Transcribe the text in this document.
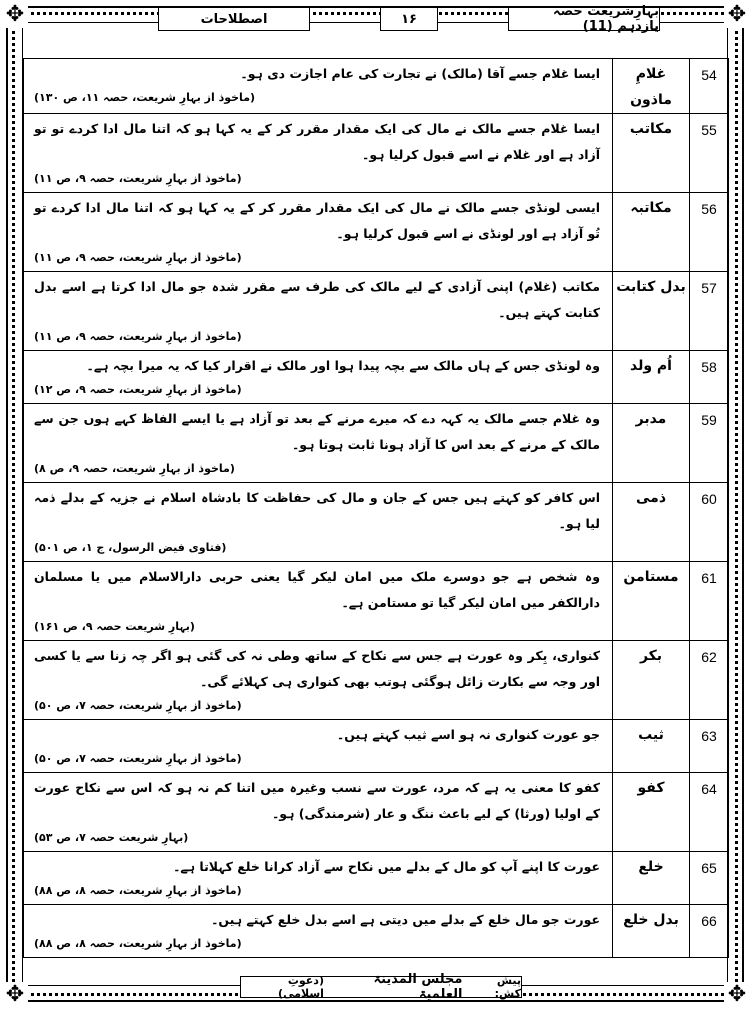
✥	✥
✥	✥
بہارِشریعت حصہ یازدہم (11)
۱۶
اصطلاحات
54	غلامِ ماذون	ایسا غلام جسے آقا (مالک) نے تجارت کی عام اجازت دی ہو۔

(ماخوذ از بہارِ شریعت، حصہ ۱۱، ص ۱۳۰)

55	مکاتب	ایسا غلام جسے مالک نے مال کی ایک مقدار مقرر کر کے یہ کہا ہو کہ اتنا مال ادا کردے تو تو آزاد ہے اور غلام نے اسے قبول کرلیا ہو۔

(ماخوذ از بہارِ شریعت، حصہ ۹، ص ۱۱)

56	مکاتبہ	ایسی لونڈی جسے مالک نے مال کی ایک مقدار مقرر کر کے یہ کہا ہو کہ اتنا مال ادا کردے تو تُو آزاد ہے اور لونڈی نے اسے قبول کرلیا ہو۔

(ماخوذ از بہارِ شریعت، حصہ ۹، ص ۱۱)

57	بدل کتابت	مکاتب (غلام) اپنی آزادی کے لیے مالک کی طرف سے مقرر شدہ جو مال ادا کرتا ہے اسے بدل کتابت کہتے ہیں۔

(ماخوذ از بہارِ شریعت، حصہ ۹، ص ۱۱)

58	اُم ولد	وہ لونڈی جس کے ہاں مالک سے بچہ پیدا ہوا اور مالک نے اقرار کیا کہ یہ میرا بچہ ہے۔

(ماخوذ از بہارِ شریعت، حصہ ۹، ص ۱۲)

59	مدبر	وہ غلام جسے مالک یہ کہہ دے کہ میرے مرنے کے بعد تو آزاد ہے یا ایسے الفاظ کہے ہوں جن سے مالک کے مرنے کے بعد اس کا آزاد ہونا ثابت ہوتا ہو۔

(ماخوذ از بہارِ شریعت، حصہ ۹، ص ۸)

60	ذمی	اس کافر کو کہتے ہیں جس کے جان و مال کی حفاظت کا بادشاہ اسلام نے جزیہ کے بدلے ذمہ لیا ہو۔

(فتاوی فیض الرسول، ج ۱، ص ۵۰۱)

61	مستامن	وہ شخص ہے جو دوسرے ملک میں امان لیکر گیا یعنی حربی دارالاسلام میں یا مسلمان دارالکفر میں امان لیکر گیا تو مستامن ہے۔

(بہارِ شریعت حصہ ۹، ص ۱۶۱)

62	بکر	کنواری، بِکر وہ عورت ہے جس سے نکاح کے ساتھ وطی نہ کی گئی ہو اگر چہ زنا سے یا کسی اور وجہ سے بکارت زائل ہوگئی ہوتب بھی کنواری ہی کہلائے گی۔

(ماخوذ از بہارِ شریعت، حصہ ۷، ص ۵۰)

63	ثیب	جو عورت کنواری نہ ہو اسے ثیب کہتے ہیں۔

(ماخوذ از بہارِ شریعت، حصہ ۷، ص ۵۰)

64	کفو	کفو کا معنی یہ ہے کہ مرد، عورت سے نسب وغیرہ میں اتنا کم نہ ہو کہ اس سے نکاح عورت کے اولیا (ورثا) کے لیے باعث ننگ و عار (شرمندگی) ہو۔

(بہارِ شریعت حصہ ۷، ص ۵۳)

65	خلع	عورت کا اپنے آپ کو مال کے بدلے میں نکاح سے آزاد کرانا خلع کہلاتا ہے۔

(ماخوذ از بہارِ شریعت، حصہ ۸، ص ۸۸)

66	بدل خلع	عورت جو مال خلع کے بدلے میں دیتی ہے اسے بدل خلع کہتے ہیں۔

(ماخوذ از بہارِ شریعت، حصہ ۸، ص ۸۸)
پیش کش:
مجلس المدینۃ العلمیۃ
(دعوتِ اسلامی)
